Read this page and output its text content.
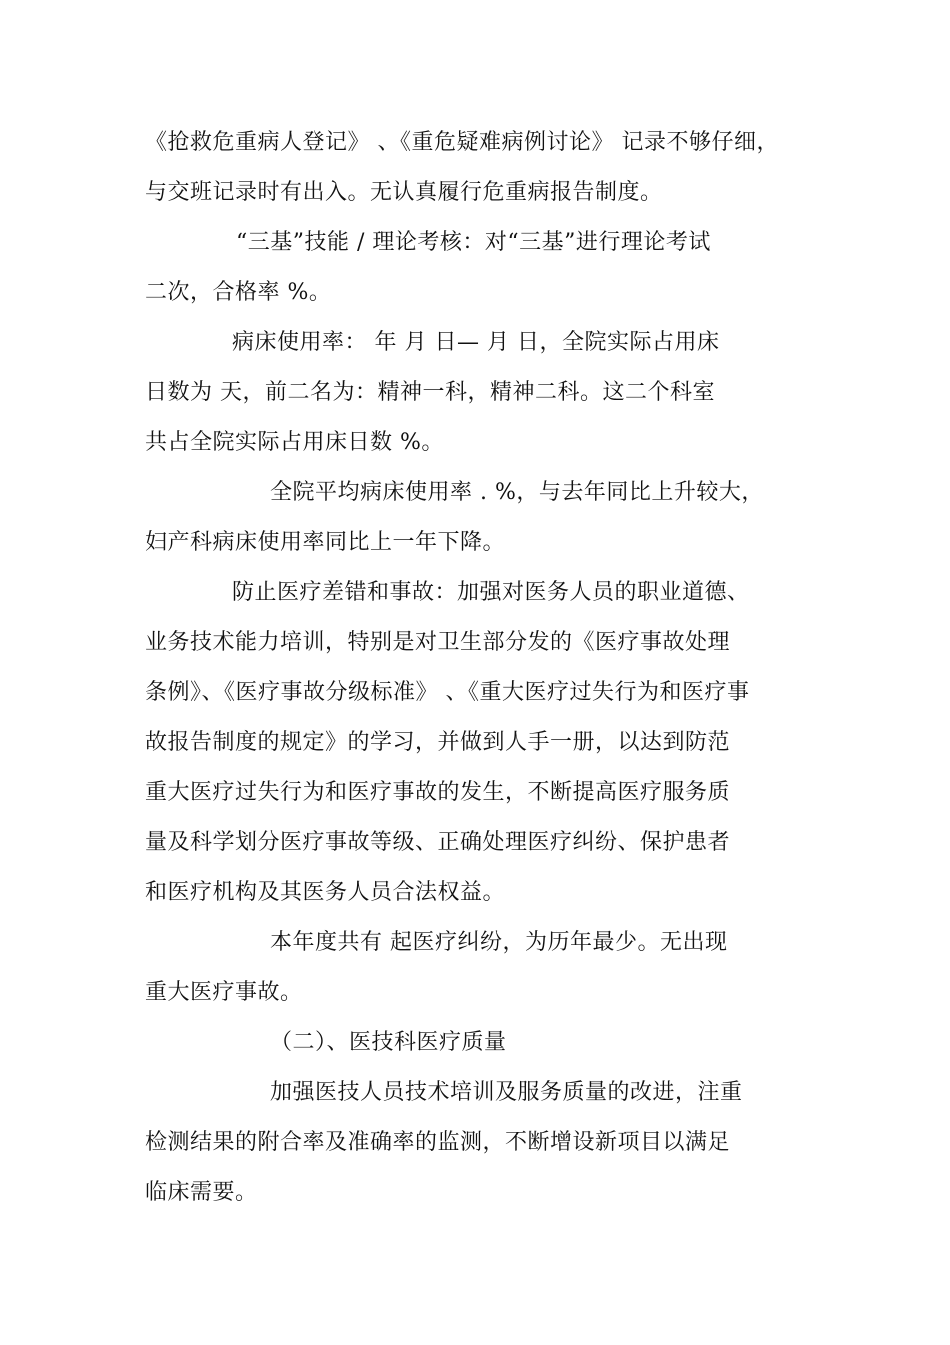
《抢救危重病人登记》 、《重危疑难病例讨论》 记录不够仔细，
与交班记录时有出入。无认真履行危重病报告制度。
“三基”技能 / 理论考核：对“三基”进行理论考试
二次，合格率 %。
病床使用率： 年 月 日— 月 日，全院实际占用床
日数为 天，前二名为：精神一科，精神二科。这二个科室
共占全院实际占用床日数 %。
全院平均病床使用率 . %，与去年同比上升较大，
妇产科病床使用率同比上一年下降。
防止医疗差错和事故：加强对医务人员的职业道德、
业务技术能力培训，特别是对卫生部分发的《医疗事故处理
条例》、《医疗事故分级标准》 、《重大医疗过失行为和医疗事
故报告制度的规定》的学习，并做到人手一册，以达到防范
重大医疗过失行为和医疗事故的发生，不断提高医疗服务质
量及科学划分医疗事故等级、正确处理医疗纠纷、保护患者
和医疗机构及其医务人员合法权益。
本年度共有 起医疗纠纷，为历年最少。无出现
重大医疗事故。
（二）、医技科医疗质量
加强医技人员技术培训及服务质量的改进，注重
检测结果的附合率及准确率的监测，不断增设新项目以满足
临床需要。
